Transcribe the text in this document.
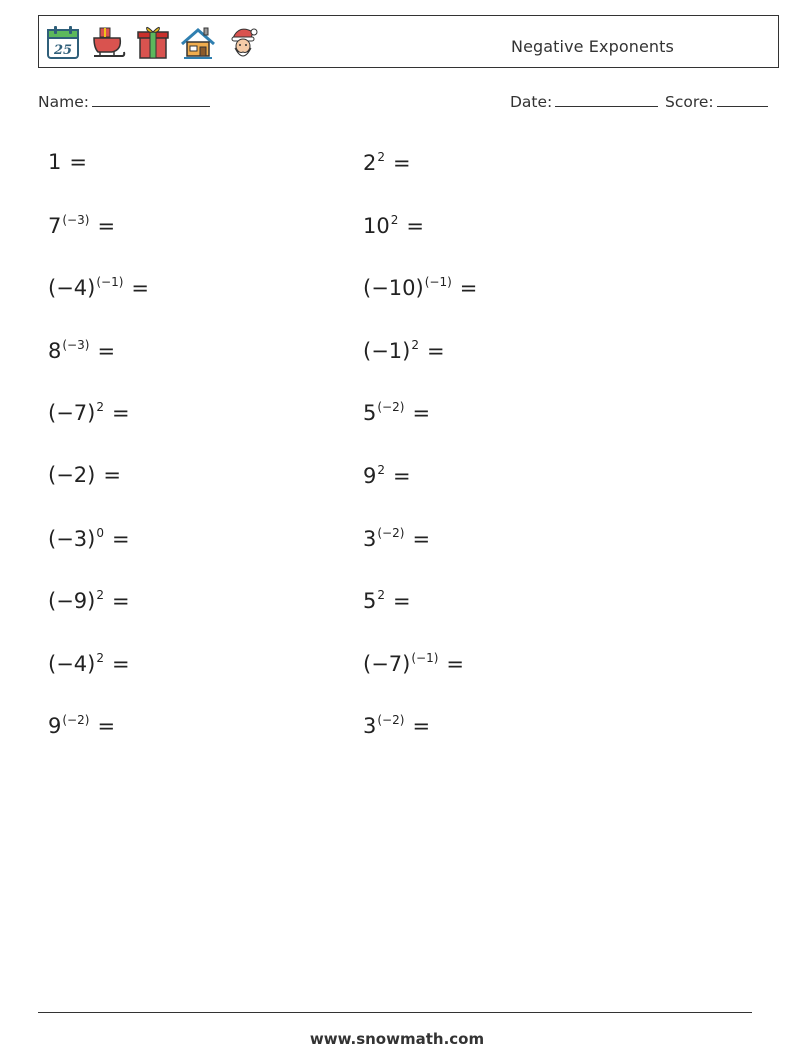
25	Negative Exponents
Name:	Date:	Score:
1 =
$7^{(-3)}$ =
$(-4)^{(-1)}$ =
$8^{(-3)}$ =
$(-7)^2$ =
(−2) =
$(-3)^0$ =
$(-9)^2$ =
$(-4)^2$ =
$9^{(-2)}$ =
$2^2$ =
$10^2$ =
$(-10)^{(-1)}$ =
$(-1)^2$ =
$5^{(-2)}$ =
$9^2$ =
$3^{(-2)}$ =
$5^2$ =
$(-7)^{(-1)}$ =
$3^{(-2)}$ =
www.snowmath.com
